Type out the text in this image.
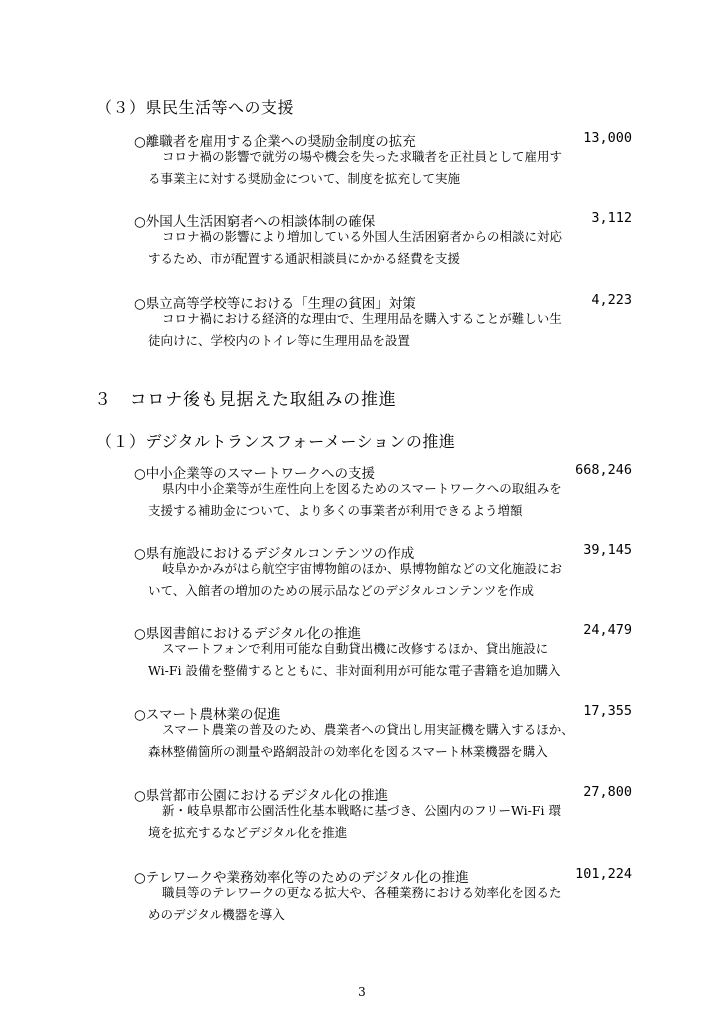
（３）県民生活等への支援
○離職者を雇用する企業への奨励金制度の拡充	13,000
コロナ禍の影響で就労の場や機会を失った求職者を正社員として雇用す
る事業主に対する奨励金について、制度を拡充して実施
○外国人生活困窮者への相談体制の確保	3,112
コロナ禍の影響により増加している外国人生活困窮者からの相談に対応
するため、市が配置する通訳相談員にかかる経費を支援
○県立高等学校等における「生理の貧困」対策	4,223
コロナ禍における経済的な理由で、生理用品を購入することが難しい生
徒向けに、学校内のトイレ等に生理用品を設置
３　コロナ後も見据えた取組みの推進
（１）デジタルトランスフォーメーションの推進
○中小企業等のスマートワークへの支援	668,246
県内中小企業等が生産性向上を図るためのスマートワークへの取組みを
支援する補助金について、より多くの事業者が利用できるよう増額
○県有施設におけるデジタルコンテンツの作成	39,145
岐阜かかみがはら航空宇宙博物館のほか、県博物館などの文化施設にお
いて、入館者の増加のための展示品などのデジタルコンテンツを作成
○県図書館におけるデジタル化の推進	24,479
スマートフォンで利用可能な自動貸出機に改修するほか、貸出施設に
Wi-Fi 設備を整備するとともに、非対面利用が可能な電子書籍を追加購入
○スマート農林業の促進	17,355
スマート農業の普及のため、農業者への貸出し用実証機を購入するほか、
森林整備箇所の測量や路網設計の効率化を図るスマート林業機器を購入
○県営都市公園におけるデジタル化の推進	27,800
新・岐阜県都市公園活性化基本戦略に基づき、公園内のフリーWi-Fi 環
境を拡充するなどデジタル化を推進
○テレワークや業務効率化等のためのデジタル化の推進	101,224
職員等のテレワークの更なる拡大や、各種業務における効率化を図るた
めのデジタル機器を導入
3
